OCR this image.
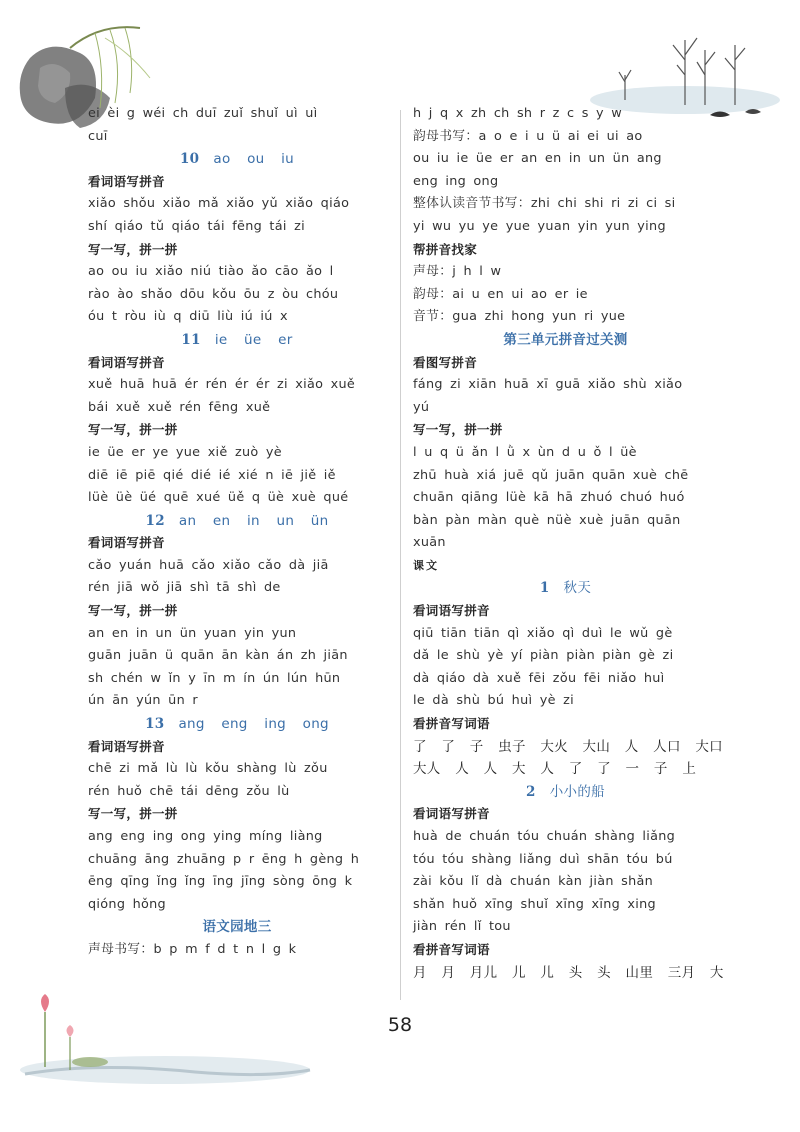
ei èi g wéi ch duī zuǐ shuǐ uì uì
cuī
10 ao ou iu
看词语写拼音
xiǎo shǒu xiǎo mǎ xiǎo yǔ xiǎo qiáo
shí qiáo tǔ qiáo tái fēng tái zi
写一写，拼一拼
ao ou iu xiǎo niú tiào ǎo cāo ǎo l
rào ào shǎo dōu kǒu ōu z òu chóu
óu t ròu iù q diū liù iú iú x
11 ie üe er
看词语写拼音
xuě huā huā ér rén ér ér zi xiǎo xuě
bái xuě xuě rén fēng xuě
写一写，拼一拼
ie üe er ye yue xiě zuò yè
diē iē piē qié dié ié xié n iē jiě iě
lüè üè üé quē xué üě q üè xuè qué
12 an en in un ün
看词语写拼音
cǎo yuán huā cǎo xiǎo cǎo dà jiā
rén jiā wǒ jiā shì tā shì de
写一写，拼一拼
an en in un ün yuan yin yun
guān juān ü quān ān kàn án zh jiān
sh chén w ǐn y īn m ín ún lún hūn
ún ān yún ūn r
13 ang eng ing ong
看词语写拼音
chē zi mǎ lù lù kǒu shàng lù zǒu
rén huǒ chē tái dēng zǒu lù
写一写，拼一拼
ang eng ing ong ying míng liàng
chuāng āng zhuāng p r ēng h gèng h
ēng qīng ǐng ǐng īng jīng sòng ōng k
qióng hǒng
语文园地三
声母书写：b p m f d t n l g k
h j q x zh ch sh r z c s y w
韵母书写：a o e i u ü ai ei ui ao
ou iu ie üe er an en in un ün ang
eng ing ong
整体认读音节书写：zhi chi shi ri zi ci si
yi wu yu ye yue yuan yin yun ying
帮拼音找家
声母：j h l w
韵母：ai u en ui ao er ie
音节：gua zhi hong yun ri yue
第三单元拼音过关测
看图写拼音
fáng zi xiān huā xī guā xiǎo shù xiǎo
yú
写一写，拼一拼
l u q ü ǎn l ǜ x ùn d u ǒ l üè
zhū huà xiá juē qǔ juān quān xuè chē
chuān qiāng lüè kā hā zhuó chuó huó
bàn pàn màn què nüè xuè juān quān
xuān
课文
1 秋天
看词语写拼音
qiū tiān tiān qì xiǎo qì duì le wǔ gè
dǎ le shù yè yí piàn piàn piàn gè zi
dà qiáo dà xuě fēi zǒu fēi niǎo huì
le dà shù bú huì yè zi
看拼音写词语
了 了 子 虫子 大火 大山 人 人口 大口
大人 人 人 大 人 了 了 一 子 上
2 小小的船
看词语写拼音
huà de chuán tóu chuán shàng liǎng
tóu tóu shàng liǎng duì shān tóu bú
zài kǒu lǐ dà chuán kàn jiàn shǎn
shǎn huǒ xīng shuǐ xīng xīng xing
jiàn rén lǐ tou
看拼音写词语
月 月 月儿 儿 儿 头 头 山里 三月 大
58
